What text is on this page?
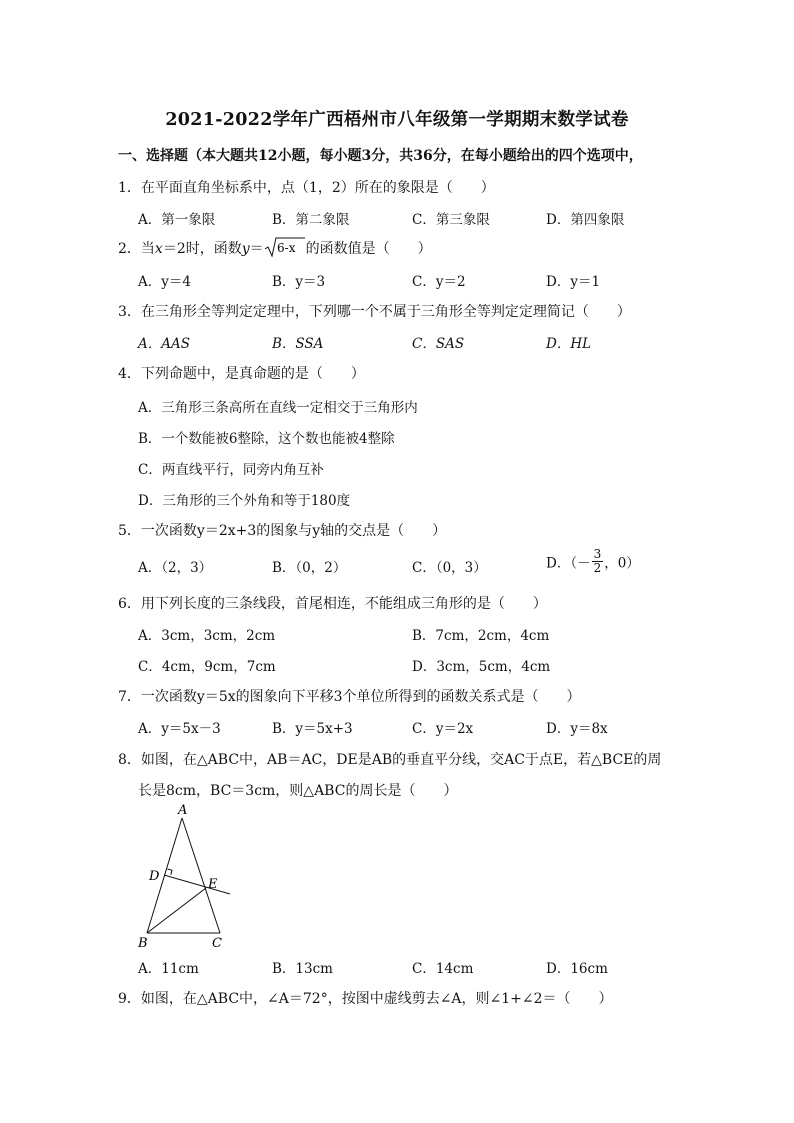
2021-2022学年广西梧州市八年级第一学期期末数学试卷
一、选择题（本大题共12小题，每小题3分，共36分，在每小题给出的四个选项中，
1．在平面直角坐标系中，点（1，2）所在的象限是（　　）
A．第一象限	B．第二象限	C．第三象限	D．第四象限
2．当x＝2时，函数y＝ 6-x 的函数值是（　　）
A．y＝4	B．y＝3	C．y＝2	D．y＝1
3．在三角形全等判定定理中，下列哪一个不属于三角形全等判定定理简记（　　）
A．AAS	B．SSA	C．SAS	D．HL
4．下列命题中，是真命题的是（　　）
A．三角形三条高所在直线一定相交于三角形内
B．一个数能被6整除，这个数也能被4整除
C．两直线平行，同旁内角互补
D．三角形的三个外角和等于180度
5．一次函数y＝2x+3的图象与y轴的交点是（　　）
A．（2，3）	B．（0，2）	C．（0，3）	D．（－ $\frac{3}{2}$ ，0）
6．用下列长度的三条线段，首尾相连，不能组成三角形的是（　　）
A．3cm，3cm，2cm	B．7cm，2cm，4cm
C．4cm，9cm，7cm	D．3cm，5cm，4cm
7．一次函数y＝5x的图象向下平移3个单位所得到的函数关系式是（　　）
A．y＝5x－3	B．y＝5x+3	C．y＝2x	D．y＝8x
8．如图，在△ABC中，AB＝AC，DE是AB的垂直平分线，交AC于点E，若△BCE的周
长是8cm，BC＝3cm，则△ABC的周长是（　　）
A
D
E
B	C
A．11cm	B．13cm	C．14cm	D．16cm
9．如图，在△ABC中，∠A＝72°，按图中虚线剪去∠A，则∠1+∠2＝（　　）
